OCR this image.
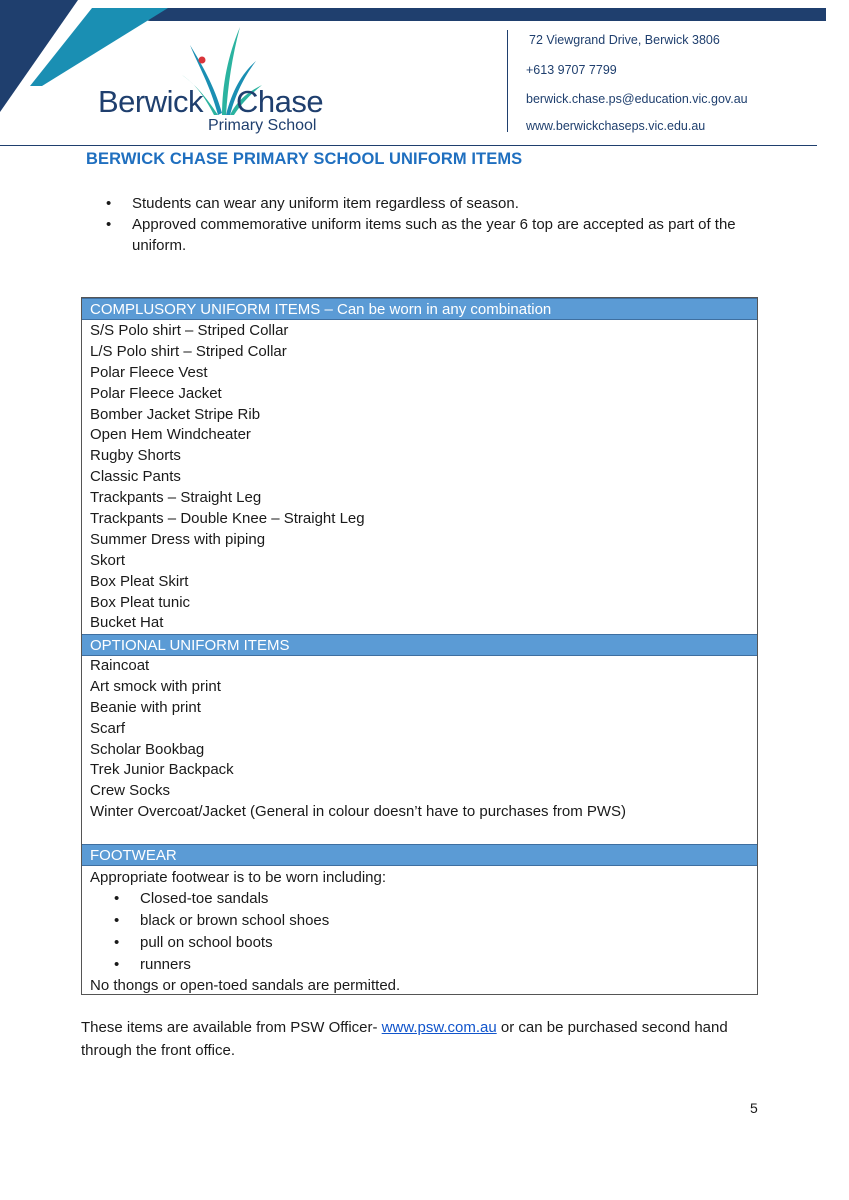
Berwick Chase
Primary School
72 Viewgrand Drive, Berwick 3806
+613 9707 7799
berwick.chase.ps@education.vic.gov.au
www.berwickchaseps.vic.edu.au
BERWICK CHASE PRIMARY SCHOOL UNIFORM ITEMS
• Students can wear any uniform item regardless of season.
• Approved commemorative uniform items such as the year 6 top are accepted as part of the uniform.
COMPLUSORY UNIFORM ITEMS – Can be worn in any combination
S/S Polo shirt – Striped Collar
L/S Polo shirt – Striped Collar
Polar Fleece Vest
Polar Fleece Jacket
Bomber Jacket Stripe Rib
Open Hem Windcheater
Rugby Shorts
Classic Pants
Trackpants – Straight Leg
Trackpants – Double Knee – Straight Leg
Summer Dress with piping
Skort
Box Pleat Skirt
Box Pleat tunic
Bucket Hat
OPTIONAL UNIFORM ITEMS
Raincoat
Art smock with print
Beanie with print
Scarf
Scholar Bookbag
Trek Junior Backpack
Crew Socks
Winter Overcoat/Jacket (General in colour doesn’t have to purchases from PWS)
FOOTWEAR
Appropriate footwear is to be worn including:
• Closed-toe sandals
• black or brown school shoes
• pull on school boots
• runners
No thongs or open-toed sandals are permitted.

These items are available from PSW Officer- www.psw.com.au or can be purchased second hand through the front office.

5
